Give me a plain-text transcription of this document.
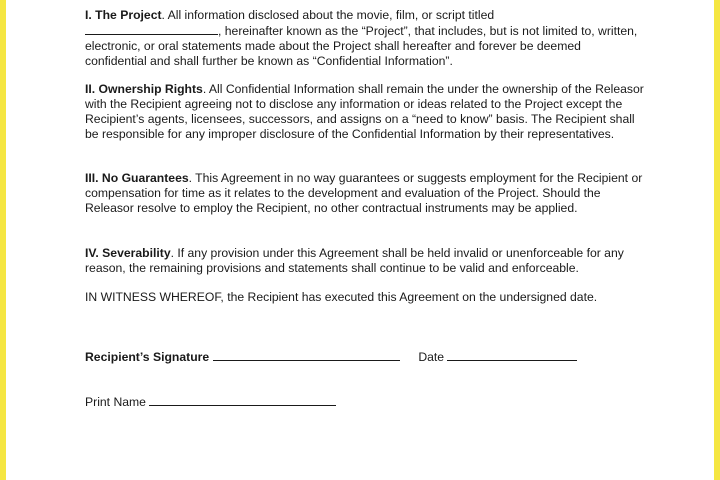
I. The Project. All information disclosed about the movie, film, or script titled
, hereinafter known as the “Project”, that includes, but is not limited to, written, electronic, or oral statements made about the Project shall hereafter and forever be deemed confidential and shall further be known as “Confidential Information”.

II. Ownership Rights. All Confidential Information shall remain the under the ownership of the Releasor with the Recipient agreeing not to disclose any information or ideas related to the Project except the Recipient’s agents, licensees, successors, and assigns on a “need to know” basis. The Recipient shall be responsible for any improper disclosure of the Confidential Information by their representatives.

III. No Guarantees. This Agreement in no way guarantees or suggests employment for the Recipient or compensation for time as it relates to the development and evaluation of the Project. Should the Releasor resolve to employ the Recipient, no other contractual instruments may be applied.

IV. Severability. If any provision under this Agreement shall be held invalid or unenforceable for any reason, the remaining provisions and statements shall continue to be valid and enforceable.

IN WITNESS WHEREOF, the Recipient has executed this Agreement on the undersigned date.

Recipient’s Signature	Date
Print Name
